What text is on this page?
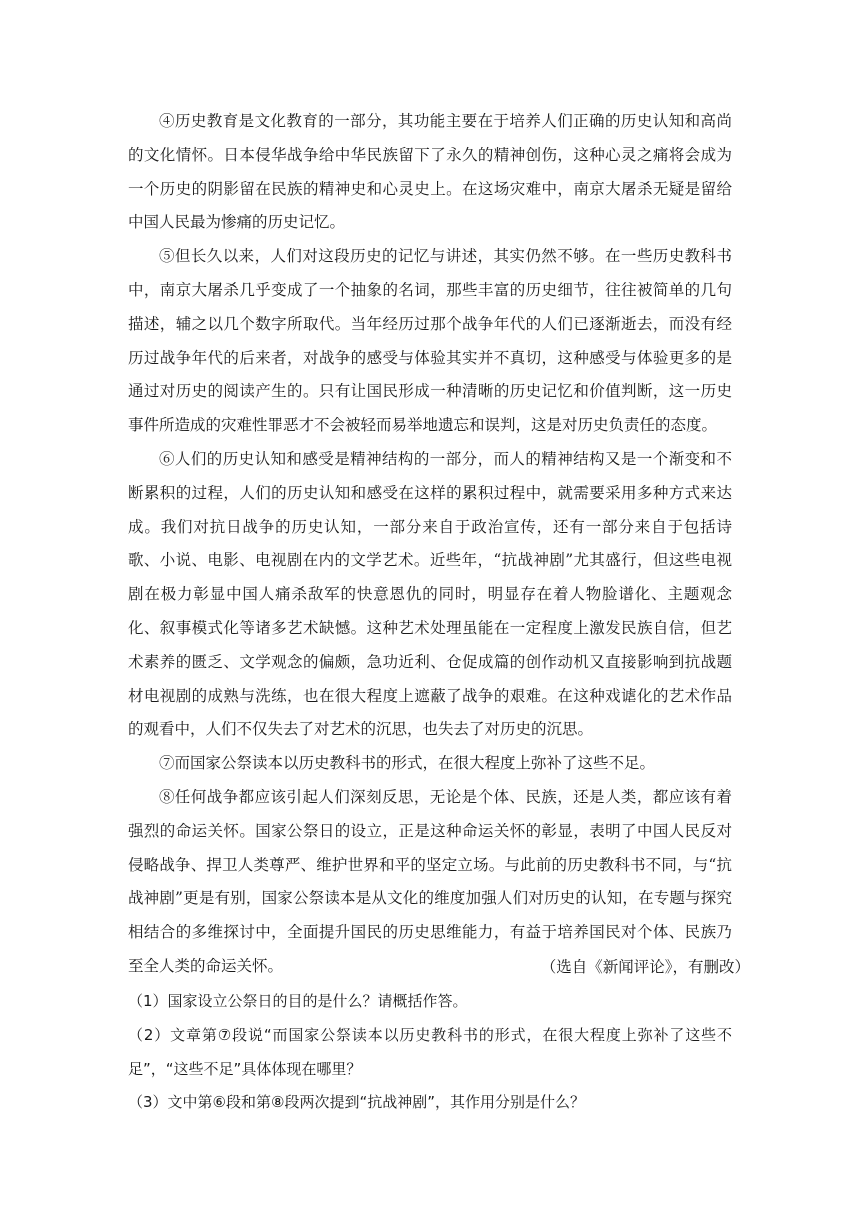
④历史教育是文化教育的一部分，其功能主要在于培养人们正确的历史认知和高尚的文化情怀。日本侵华战争给中华民族留下了永久的精神创伤，这种心灵之痛将会成为一个历史的阴影留在民族的精神史和心灵史上。在这场灾难中，南京大屠杀无疑是留给中国人民最为惨痛的历史记忆。

⑤但长久以来，人们对这段历史的记忆与讲述，其实仍然不够。在一些历史教科书中，南京大屠杀几乎变成了一个抽象的名词，那些丰富的历史细节，往往被简单的几句描述，辅之以几个数字所取代。当年经历过那个战争年代的人们已逐渐逝去，而没有经历过战争年代的后来者，对战争的感受与体验其实并不真切，这种感受与体验更多的是通过对历史的阅读产生的。只有让国民形成一种清晰的历史记忆和价值判断，这一历史事件所造成的灾难性罪恶才不会被轻而易举地遗忘和误判，这是对历史负责任的态度。

⑥人们的历史认知和感受是精神结构的一部分，而人的精神结构又是一个渐变和不断累积的过程，人们的历史认知和感受在这样的累积过程中，就需要采用多种方式来达成。我们对抗日战争的历史认知，一部分来自于政治宣传，还有一部分来自于包括诗歌、小说、电影、电视剧在内的文学艺术。近些年，“抗战神剧”尤其盛行，但这些电视剧在极力彰显中国人痛杀敌军的快意恩仇的同时，明显存在着人物脸谱化、主题观念化、叙事模式化等诸多艺术缺憾。这种艺术处理虽能在一定程度上激发民族自信，但艺术素养的匮乏、文学观念的偏颇，急功近利、仓促成篇的创作动机又直接影响到抗战题材电视剧的成熟与洗练，也在很大程度上遮蔽了战争的艰难。在这种戏谑化的艺术作品的观看中，人们不仅失去了对艺术的沉思，也失去了对历史的沉思。

⑦而国家公祭读本以历史教科书的形式，在很大程度上弥补了这些不足。

⑧任何战争都应该引起人们深刻反思，无论是个体、民族，还是人类，都应该有着强烈的命运关怀。国家公祭日的设立，正是这种命运关怀的彰显，表明了中国人民反对侵略战争、捍卫人类尊严、维护世界和平的坚定立场。与此前的历史教科书不同，与“抗战神剧”更是有别，国家公祭读本是从文化的维度加强人们对历史的认知，在专题与探究相结合的多维探讨中，全面提升国民的历史思维能力，有益于培养国民对个体、民族乃至全人类的命运关怀。	（选自《新闻评论》，有删改）

（1）国家设立公祭日的目的是什么？请概括作答。

（2）文章第⑦段说“而国家公祭读本以历史教科书的形式，在很大程度上弥补了这些不足”，“这些不足”具体体现在哪里？

（3）文中第⑥段和第⑧段两次提到“抗战神剧”，其作用分别是什么？
